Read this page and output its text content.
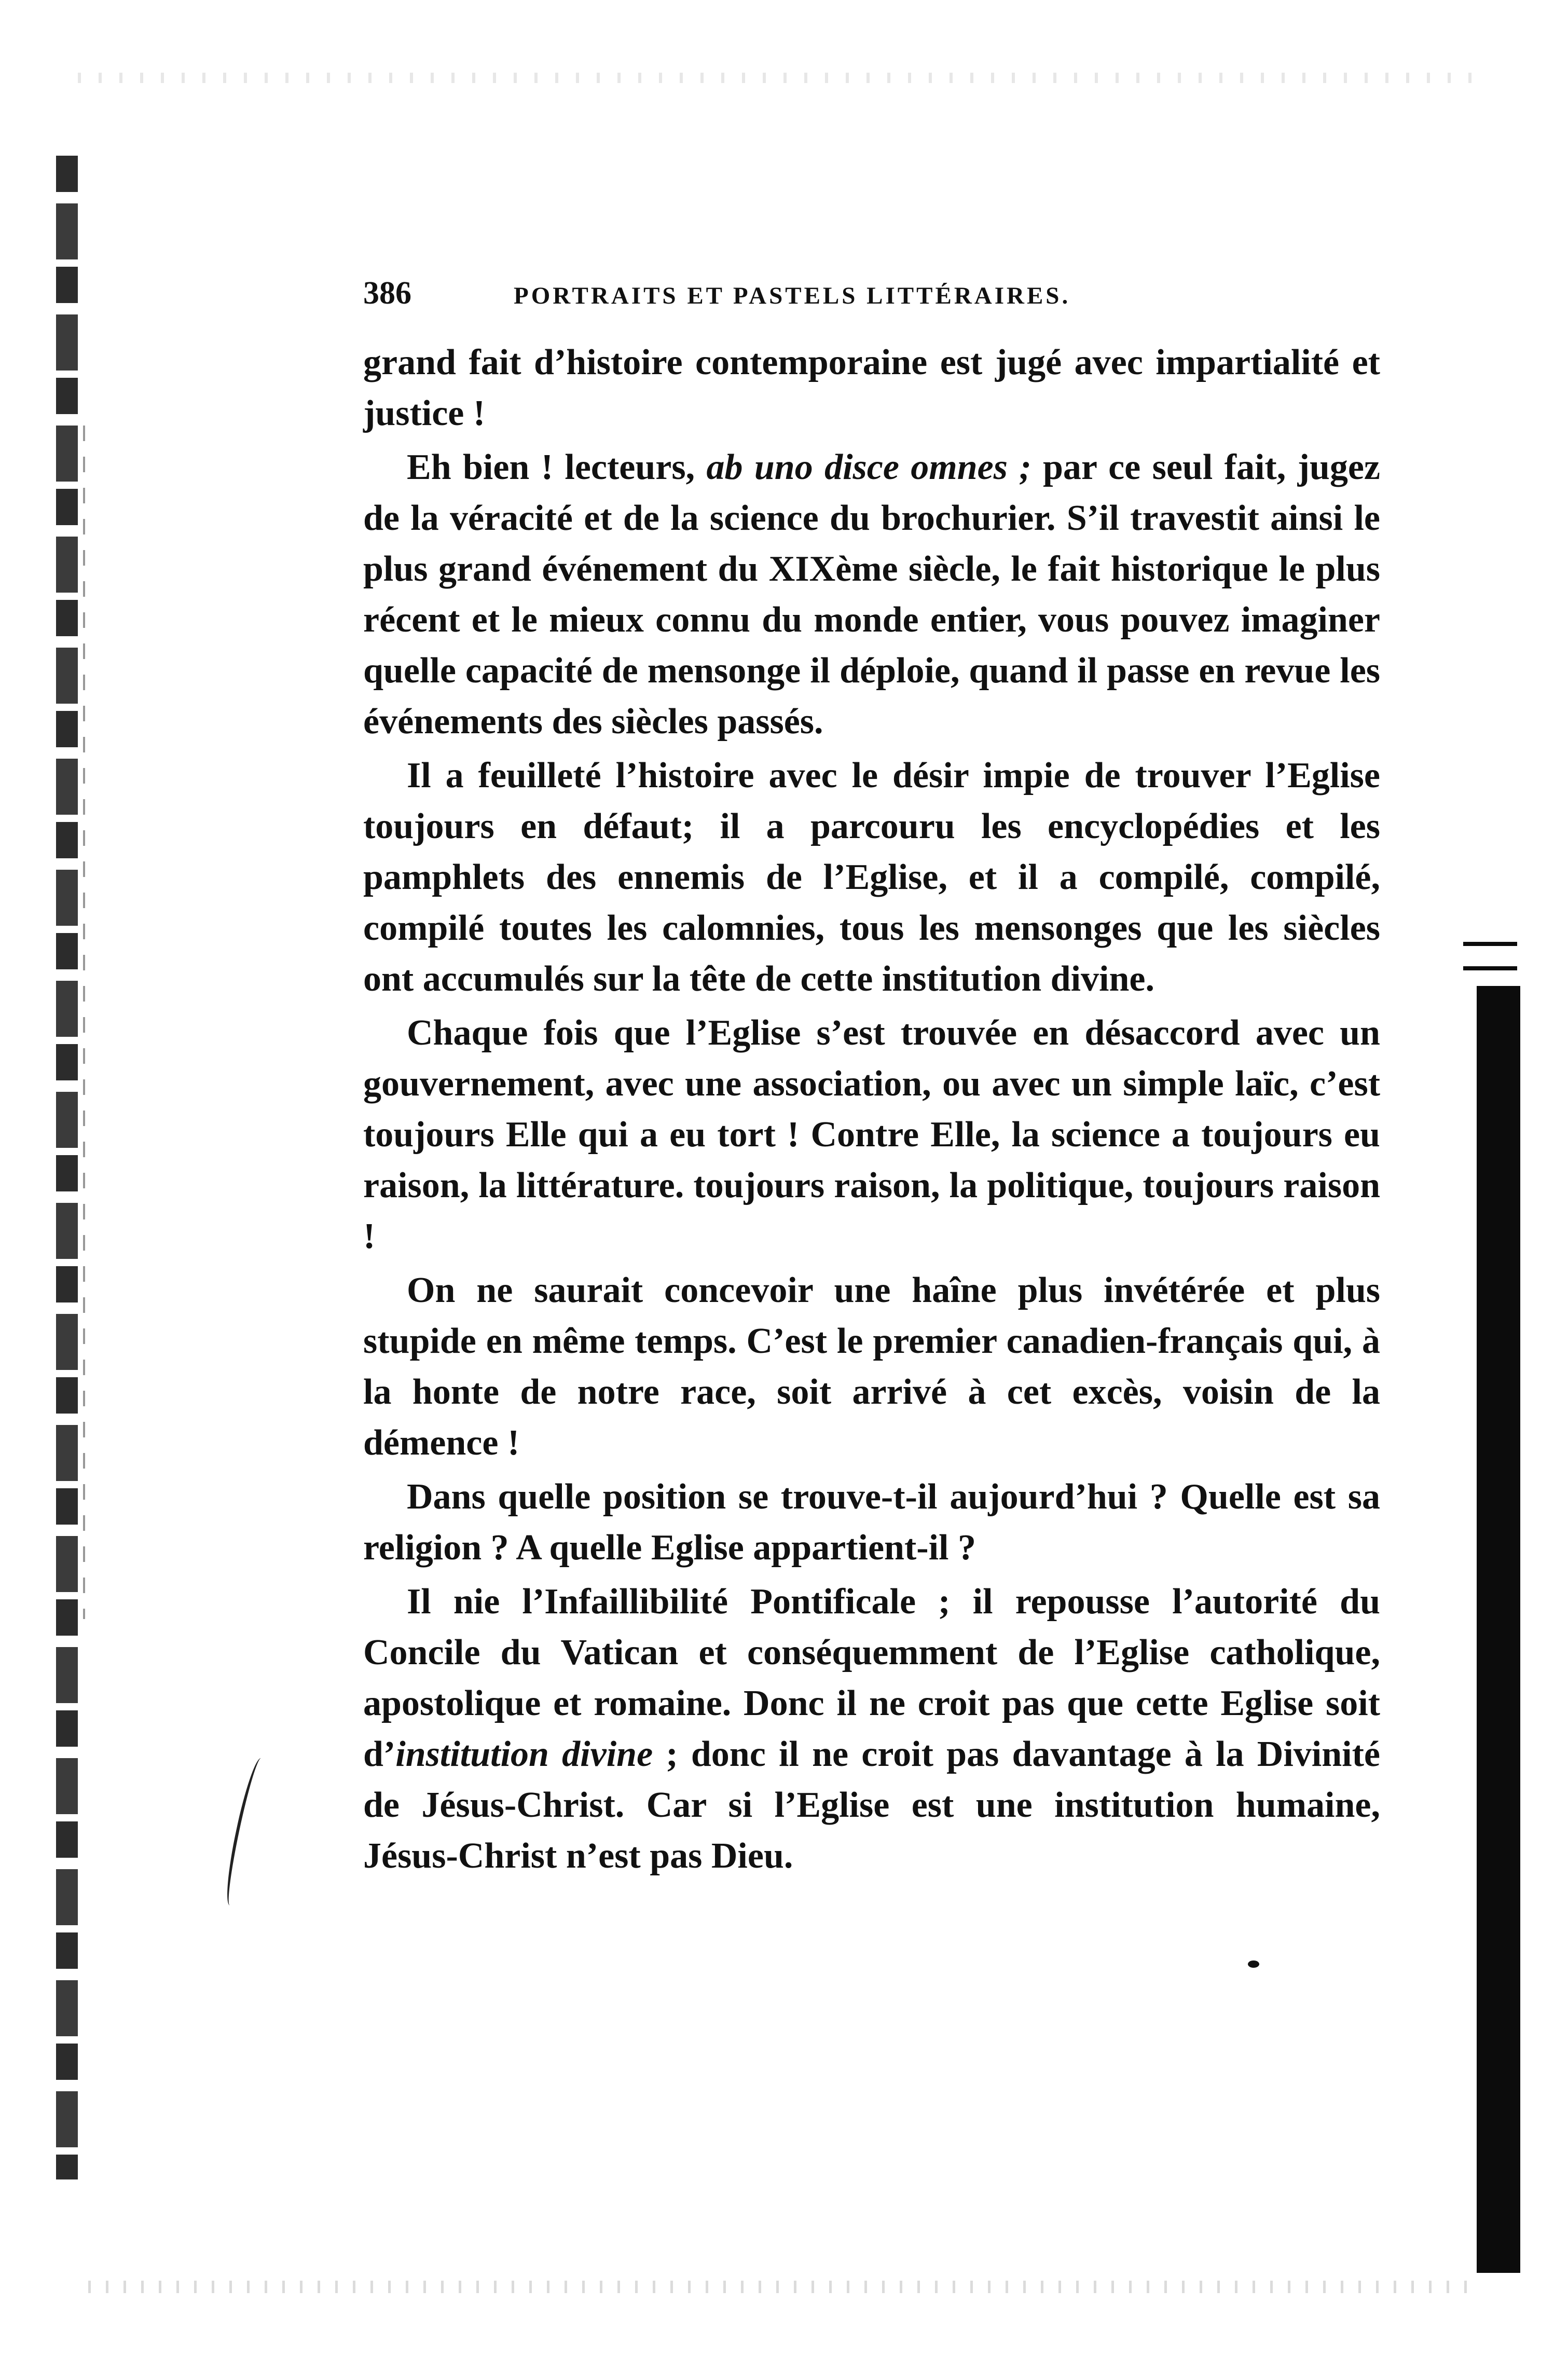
386	PORTRAITS ET PASTELS LITTÉRAIRES.

grand fait d’histoire contemporaine est jugé avec impartialité et justice !

Eh bien ! lecteurs, ab uno disce omnes ; par ce seul fait, jugez de la véracité et de la science du brochurier. S’il travestit ainsi le plus grand événement du XIXème siècle, le fait historique le plus récent et le mieux connu du monde entier, vous pouvez imaginer quelle capacité de mensonge il déploie, quand il passe en revue les événements des siècles passés.

Il a feuilleté l’histoire avec le désir impie de trouver l’Eglise toujours en défaut; il a parcouru les encyclopédies et les pamphlets des ennemis de l’Eglise, et il a compilé, compilé, compilé toutes les calomnies, tous les mensonges que les siècles ont accumulés sur la tête de cette institution divine.

Chaque fois que l’Eglise s’est trouvée en désaccord avec un gouvernement, avec une association, ou avec un simple laïc, c’est toujours Elle qui a eu tort ! Contre Elle, la science a toujours eu raison, la littérature. toujours raison, la politique, toujours raison !

On ne saurait concevoir une haîne plus invétérée et plus stupide en même temps. C’est le premier canadien-français qui, à la honte de notre race, soit arrivé à cet excès, voisin de la démence !

Dans quelle position se trouve-t-il aujourd’hui ? Quelle est sa religion ? A quelle Eglise appartient-il ?

Il nie l’Infaillibilité Pontificale ; il repousse l’autorité du Concile du Vatican et conséquemment de l’Eglise catholique, apostolique et romaine. Donc il ne croit pas que cette Eglise soit d’institution divine ; donc il ne croit pas davantage à la Divinité de Jésus-Christ. Car si l’Eglise est une institution humaine, Jésus-Christ n’est pas Dieu.
